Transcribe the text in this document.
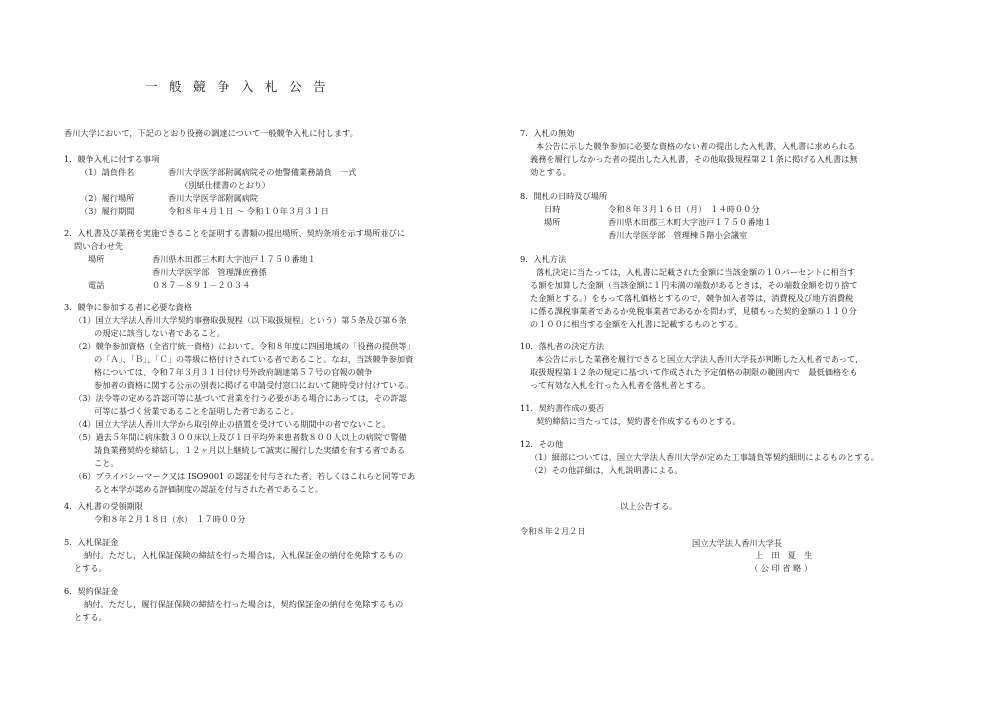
一般競争入札公告
香川大学において，下記のとおり役務の調達について一般競争入札に付します。
1．競争入札に付する事項
（1）請負件名	香川大学医学部附属病院その他警備業務請負　一式
（別紙仕様書のとおり）
（2）履行場所	香川大学医学部附属病院
（3）履行期間	令和８年４月１日 ～ 令和１０年３月３１日
2．入札書及び業務を実施できることを証明する書類の提出場所、契約条項を示す場所並びに
問い合わせ先
場所	香川県木田郡三木町大字池戸１７５０番地１
香川大学医学部　管理課庶務係
電話	０８７－８９１－２０３４
3．競争に参加する者に必要な資格
（1）国立大学法人香川大学契約事務取扱規程（以下取扱規程」という）第５条及び第６条
の規定に該当しない者であること。
（2）競争参加資格（全省庁統一資格）において、令和８年度に四国地域の「役務の提供等」
の「Ａ」、「Ｂ」、「Ｃ」の等級に格付けされている者であること。なお，当該競争参加資
格については、令和７年３月３１日付け号外政府調達第５７号の官報の競争
参加者の資格に関する公示の別表に掲げる申請受付窓口において随時受け付けている。
（3）法令等の定める許認可等に基づいて営業を行う必要がある場合にあっては，その許認
可等に基づく営業であることを証明した者であること。
（4）国立大学法人香川大学から取引停止の措置を受けている期間中の者でないこと。
（5）過去５年間に病床数３００床以上及び１日平均外来患者数８００人以上の病院で警備
請負業務契約を締結し，１２ヶ月以上継続して誠実に履行した実績を有する者である
こと。
（6）プライバシーマーク又は ISO9001 の認証を付与された者、若しくはこれらと同等であ
ると本学が認める評価制度の認証を付与された者であること。
4．入札書の受領期限
令和８年２月１８日（水）　１７時００分
5．入札保証金
納付。ただし，入札保証保険の締結を行った場合は，入札保証金の納付を免除するもの
とする。
6．契約保証金
納付。ただし，履行保証保険の締結を行った場合は，契約保証金の納付を免除するもの
とする。
7．入札の無効
本公告に示した競争参加に必要な資格のない者の提出した入札書，入札書に求められる
義務を履行しなかった者の提出した入札書，その他取扱規程第２１条に掲げる入札書は無
効とする。
8．開札の日時及び場所
日時	令和８年３月１６日（月）　１４時００分
場所	香川県木田郡三木町大字池戸１７５０番地１
香川大学医学部　管理棟５階小会議室
9．入札方法
落札決定に当たっては，入札書に記載された金額に当該金額の１０パーセントに相当す
る額を加算した金額（当該金額に１円未満の端数があるときは，その端数金額を切り捨て
た金額とする。）をもって落札価格とするので，競争加入者等は，消費税及び地方消費税
に係る課税事業者であるか免税事業者であるかを問わず，見積もった契約金額の１１０分
の１００に相当する金額を入札書に記載するものとする。
10．落札者の決定方法
本公告に示した業務を履行できると国立大学法人香川大学長が判断した入札者であって，
取扱規程第１２条の規定に基づいて作成された予定価格の制限の範囲内で　最低価格をも
って有効な入札を行った入札者を落札者とする。
11．契約書作成の要否
契約締結に当たっては，契約書を作成するものとする。
12．その他
（1）細部については，国立大学法人香川大学が定めた工事請負等契約細則によるものとする。
（2）その他詳細は，入札説明書による。
以上公告する。
令和８年２月２日
国立大学法人香川大学長
上　田　夏　生
（ 公 印 省 略 ）
